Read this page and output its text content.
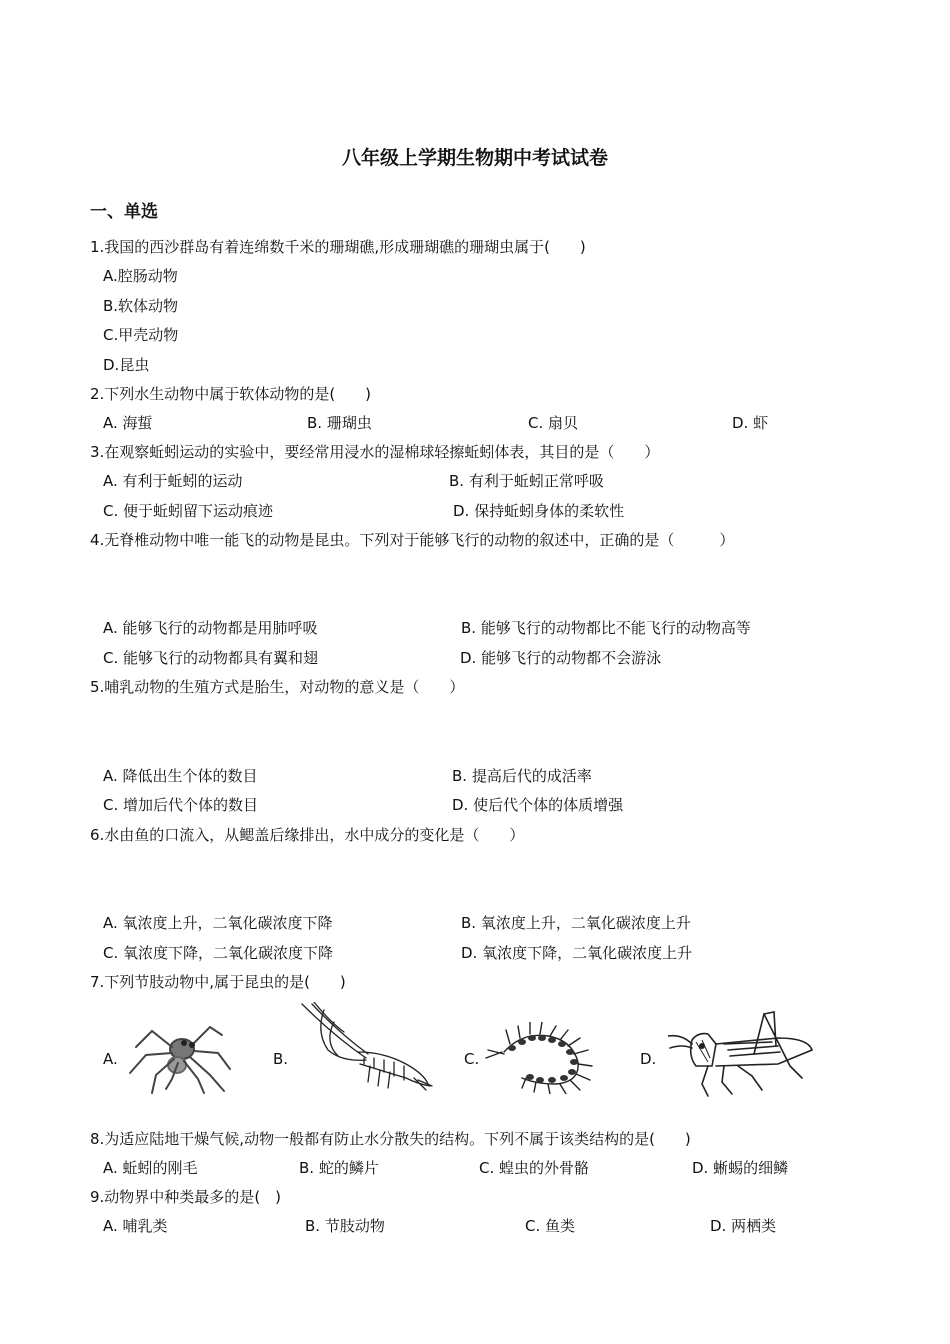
八年级上学期生物期中考试试卷
一、单选
1.我国的西沙群岛有着连绵数千米的珊瑚礁,形成珊瑚礁的珊瑚虫属于(　　)
A.腔肠动物
B.软体动物
C.甲壳动物
D.昆虫
2.下列水生动物中属于软体动物的是(　　)
A. 海蜇	B. 珊瑚虫	C. 扇贝	D. 虾
3.在观察蚯蚓运动的实验中，要经常用浸水的湿棉球轻擦蚯蚓体表，其目的是（　　）
A. 有利于蚯蚓的运动	B. 有利于蚯蚓正常呼吸
C. 便于蚯蚓留下运动痕迹	D. 保持蚯蚓身体的柔软性
4.无脊椎动物中唯一能飞的动物是昆虫。下列对于能够飞行的动物的叙述中，正确的是（　　　）
A. 能够飞行的动物都是用肺呼吸	B. 能够飞行的动物都比不能飞行的动物高等
C. 能够飞行的动物都具有翼和翅	D. 能够飞行的动物都不会游泳
5.哺乳动物的生殖方式是胎生，对动物的意义是（　　）
A. 降低出生个体的数目	B. 提高后代的成活率
C. 增加后代个体的数目	D. 使后代个体的体质增强
6.水由鱼的口流入，从鳃盖后缘排出，水中成分的变化是（　　）
A. 氧浓度上升，二氧化碳浓度下降	B. 氧浓度上升，二氧化碳浓度上升
C. 氧浓度下降，二氧化碳浓度下降	D. 氧浓度下降，二氧化碳浓度上升
7.下列节肢动物中,属于昆虫的是(　　)
A.	B.	C.	D.
8.为适应陆地干燥气候,动物一般都有防止水分散失的结构。下列不属于该类结构的是(　　)
A. 蚯蚓的刚毛	B. 蛇的鳞片	C. 蝗虫的外骨骼	D. 蜥蜴的细鳞
9.动物界中种类最多的是(　)
A. 哺乳类	B. 节肢动物	C. 鱼类	D. 两栖类
